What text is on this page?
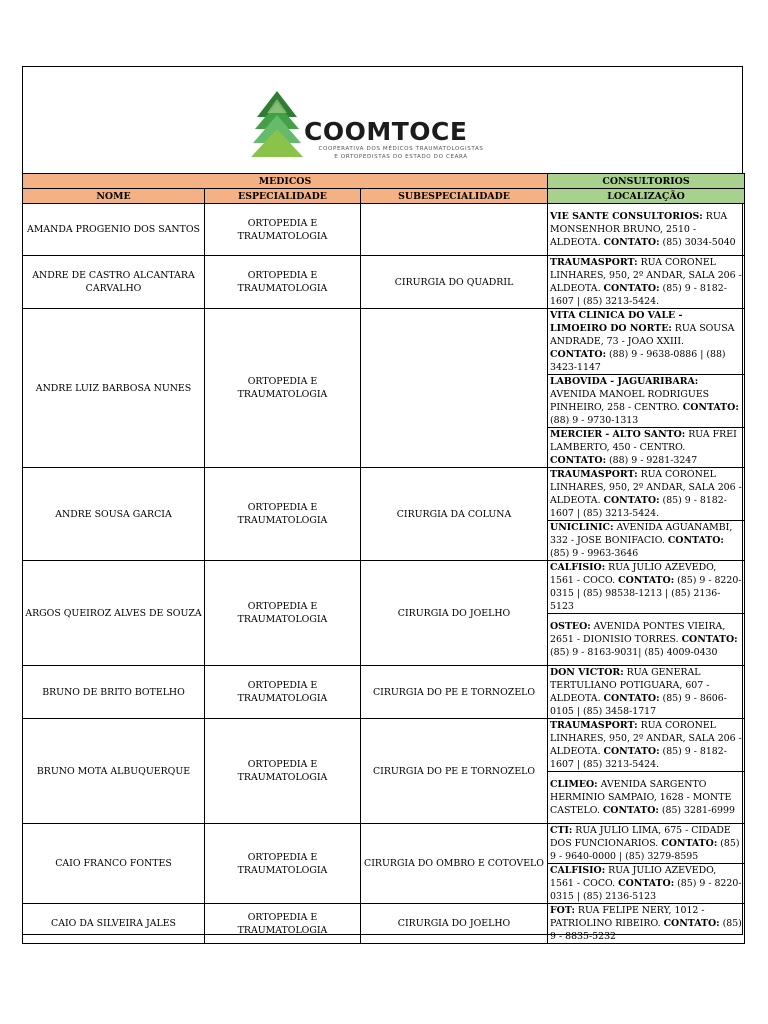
COOMTOCE
COOPERATIVA DOS MÉDICOS TRAUMATOLOGISTAS
E ORTOPEDISTAS DO ESTADO DO CEARÁ
MEDICOS			CONSULTORIOS
NOME	ESPECIALIDADE	SUBESPECIALIDADE	LOCALIZAÇÃO
AMANDA PROGENIO DOS SANTOS	ORTOPEDIA E TRAUMATOLOGIA		VIE SANTE CONSULTORIOS: RUA MONSENHOR BRUNO, 2510 - ALDEOTA. CONTATO: (85) 3034-5040
ANDRE DE CASTRO ALCANTARA CARVALHO	ORTOPEDIA E TRAUMATOLOGIA	CIRURGIA DO QUADRIL	TRAUMASPORT: RUA CORONEL LINHARES, 950, 2º ANDAR, SALA 206 - ALDEOTA. CONTATO: (85) 9 - 8182-1607 | (85) 3213-5424.
ANDRE LUIZ BARBOSA NUNES	ORTOPEDIA E TRAUMATOLOGIA		VITA CLINICA DO VALE - LIMOEIRO DO NORTE: RUA SOUSA ANDRADE, 73 - JOAO XXIII. CONTATO: (88) 9 - 9638-0886 | (88) 3423-1147
			LABOVIDA - JAGUARIBARA: AVENIDA MANOEL RODRIGUES PINHEIRO, 258 - CENTRO. CONTATO: (88) 9 - 9730-1313
			MERCIER - ALTO SANTO: RUA FREI LAMBERTO, 450 - CENTRO. CONTATO: (88) 9 - 9281-3247
ANDRE SOUSA GARCIA	ORTOPEDIA E TRAUMATOLOGIA	CIRURGIA DA COLUNA	TRAUMASPORT: RUA CORONEL LINHARES, 950, 2º ANDAR, SALA 206 - ALDEOTA. CONTATO: (85) 9 - 8182-1607 | (85) 3213-5424.
			UNICLINIC: AVENIDA AGUANAMBI, 332 - JOSE BONIFACIO. CONTATO: (85) 9 - 9963-3646
ARGOS QUEIROZ ALVES DE SOUZA	ORTOPEDIA E TRAUMATOLOGIA	CIRURGIA DO JOELHO	CALFISIO: RUA JULIO AZEVEDO, 1561 - COCO. CONTATO: (85) 9 - 8220-0315 | (85) 98538-1213 | (85) 2136-5123
			OSTEO: AVENIDA PONTES VIEIRA, 2651 - DIONISIO TORRES. CONTATO: (85) 9 - 8163-9031| (85) 4009-0430
BRUNO DE BRITO BOTELHO	ORTOPEDIA E TRAUMATOLOGIA	CIRURGIA DO PE E TORNOZELO	DON VICTOR: RUA GENERAL TERTULIANO POTIGUARA, 607 - ALDEOTA. CONTATO: (85) 9 - 8606-0105 | (85) 3458-1717
BRUNO MOTA ALBUQUERQUE	ORTOPEDIA E TRAUMATOLOGIA	CIRURGIA DO PE E TORNOZELO	TRAUMASPORT: RUA CORONEL LINHARES, 950, 2º ANDAR, SALA 206 - ALDEOTA. CONTATO: (85) 9 - 8182-1607 | (85) 3213-5424.
			CLIMEO: AVENIDA SARGENTO HERMINIO SAMPAIO, 1628 - MONTE CASTELO. CONTATO: (85) 3281-6999
CAIO FRANCO FONTES	ORTOPEDIA E TRAUMATOLOGIA	CIRURGIA DO OMBRO E COTOVELO	CTI: RUA JULIO LIMA, 675 - CIDADE DOS FUNCIONARIOS. CONTATO: (85) 9 - 9640-0000 | (85) 3279-8595
			CALFISIO: RUA JULIO AZEVEDO, 1561 - COCO. CONTATO: (85) 9 - 8220-0315 | (85) 2136-5123
CAIO DA SILVEIRA JALES	ORTOPEDIA E TRAUMATOLOGIA	CIRURGIA DO JOELHO	FOT: RUA FELIPE NERY, 1012 - PATRIOLINO RIBEIRO. CONTATO: (85) 9 - 8835-5232
